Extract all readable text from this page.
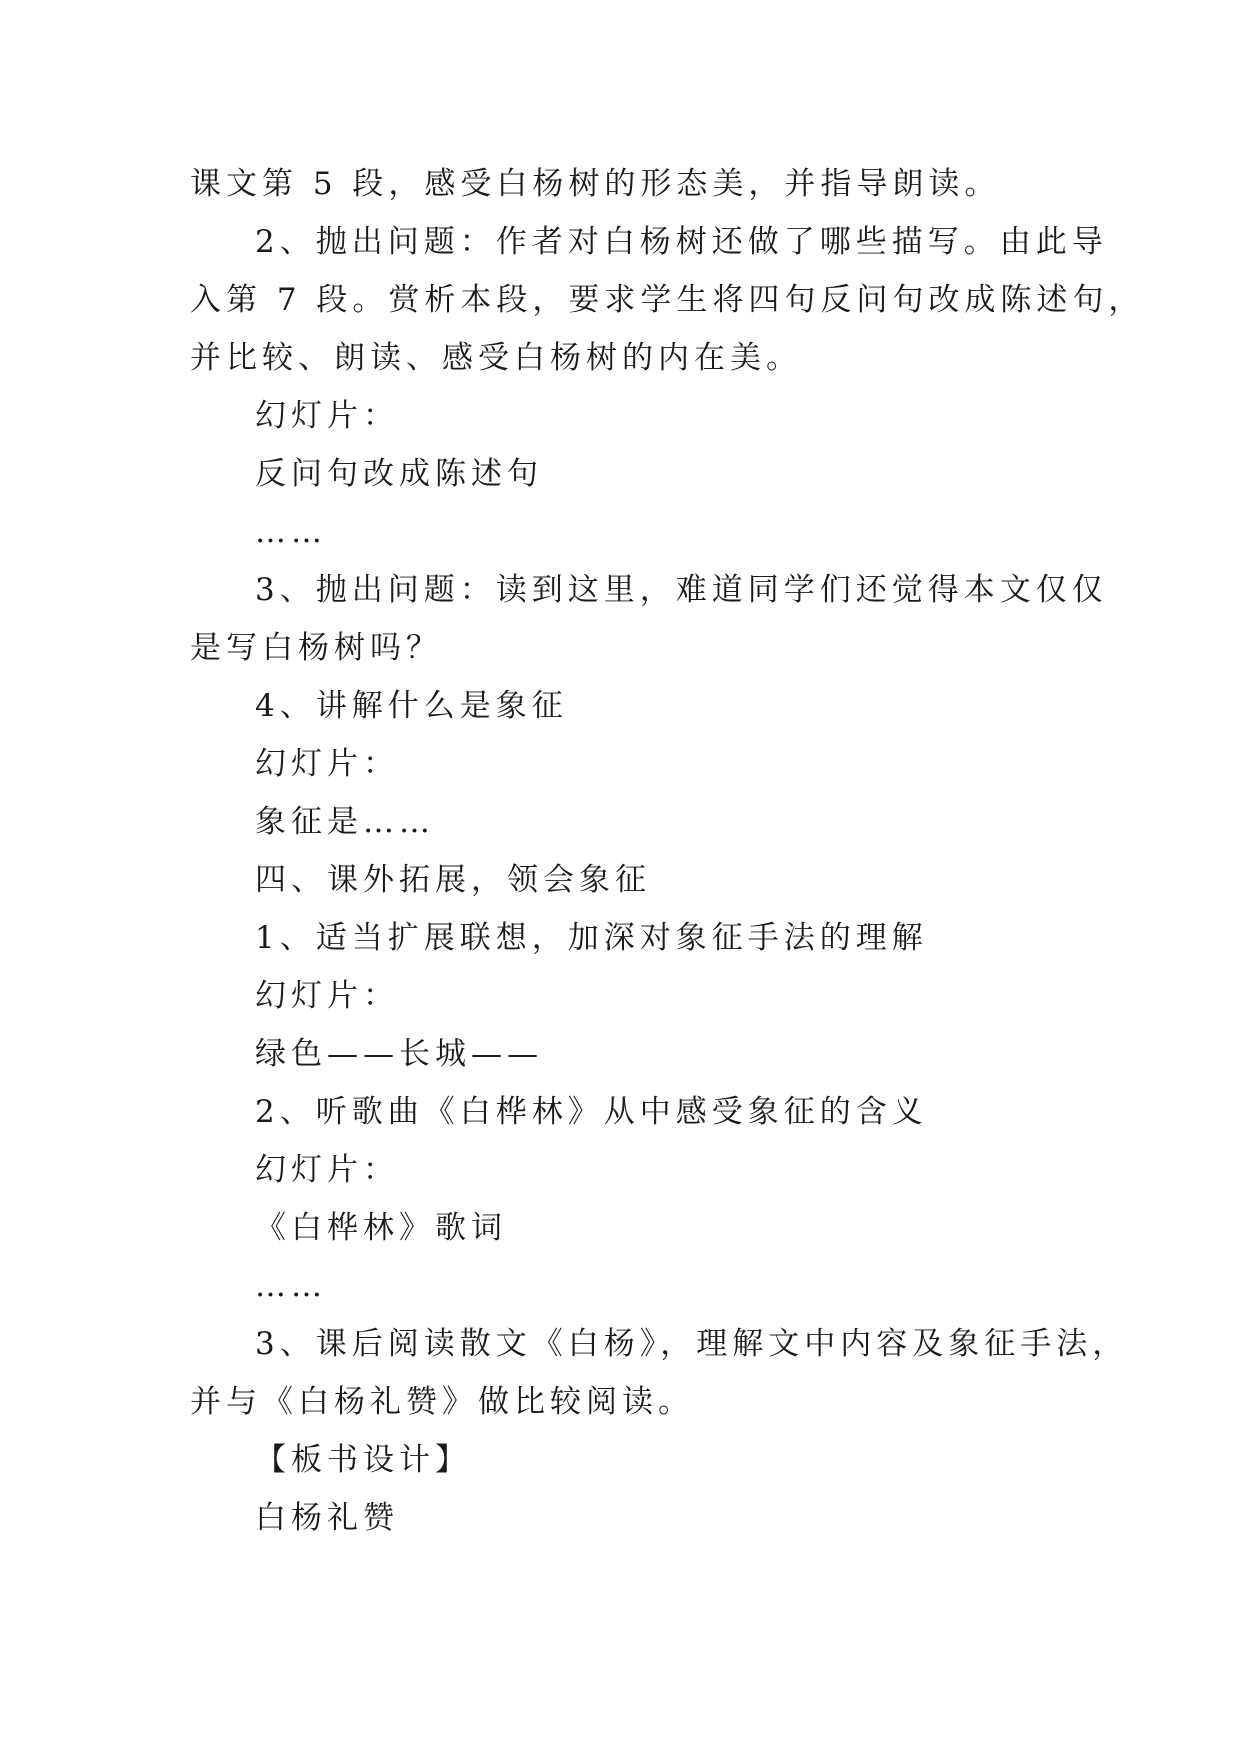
课文第 5 段，感受白杨树的形态美，并指导朗读。
2、抛出问题：作者对白杨树还做了哪些描写。由此导
入第 7 段。赏析本段，要求学生将四句反问句改成陈述句，
并比较、朗读、感受白杨树的内在美。
幻灯片：
反问句改成陈述句
……
3、抛出问题：读到这里，难道同学们还觉得本文仅仅
是写白杨树吗？
4、讲解什么是象征
幻灯片：
象征是……
四、课外拓展，领会象征
1、适当扩展联想，加深对象征手法的理解
幻灯片：
绿色——长城——
2、听歌曲《白桦林》从中感受象征的含义
幻灯片：
《白桦林》歌词
……
3、课后阅读散文《白杨》，理解文中内容及象征手法，
并与《白杨礼赞》做比较阅读。
【板书设计】
白杨礼赞
